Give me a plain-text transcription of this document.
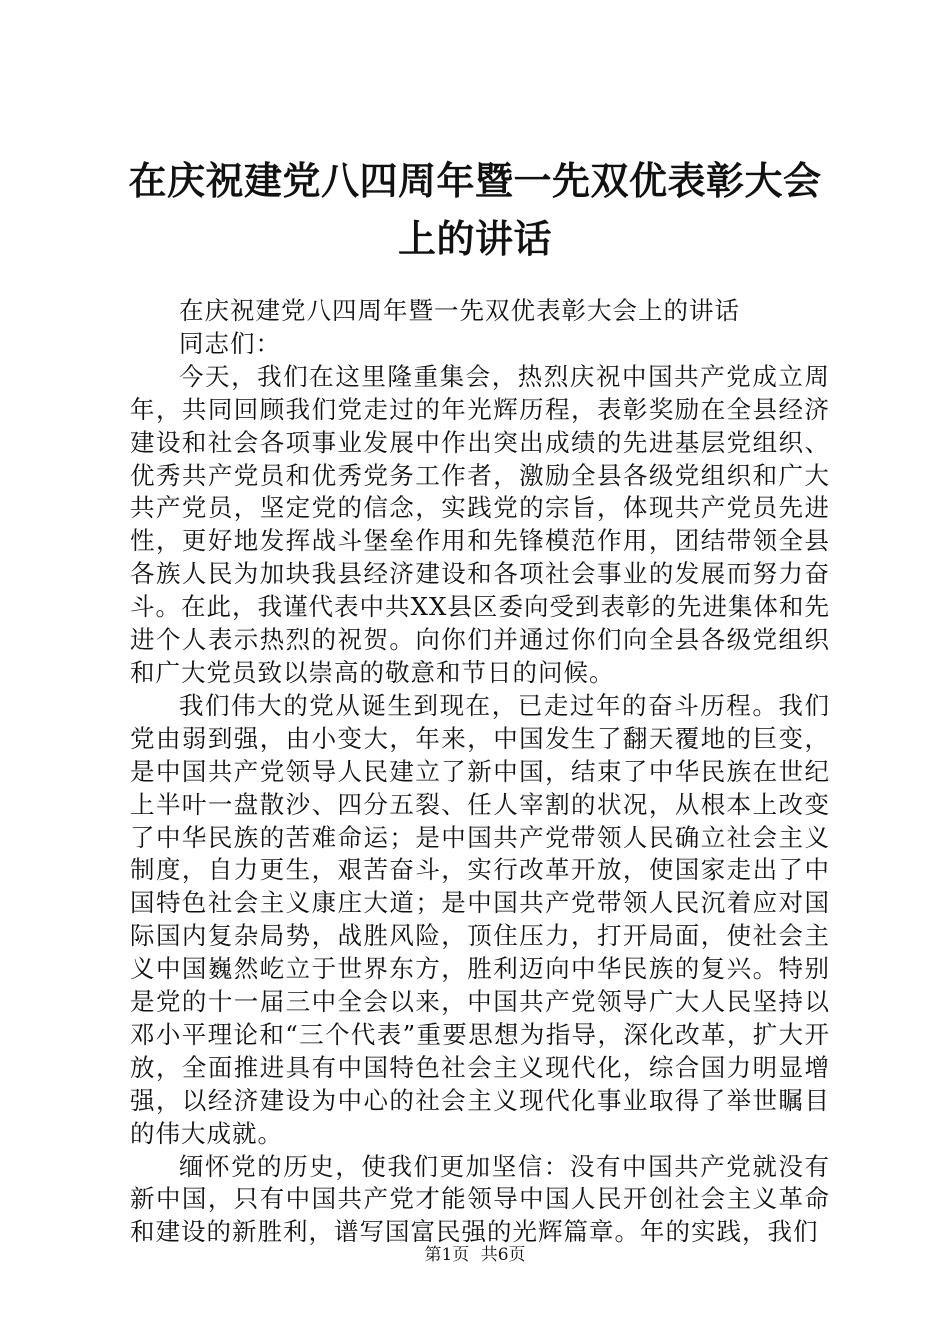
在庆祝建党八四周年暨一先双优表彰大会上的讲话

在庆祝建党八四周年暨一先双优表彰大会上的讲话

同志们：

今天，我们在这里隆重集会，热烈庆祝中国共产党成立周年，共同回顾我们党走过的年光辉历程，表彰奖励在全县经济建设和社会各项事业发展中作出突出成绩的先进基层党组织、优秀共产党员和优秀党务工作者，激励全县各级党组织和广大共产党员，坚定党的信念，实践党的宗旨，体现共产党员先进性，更好地发挥战斗堡垒作用和先锋模范作用，团结带领全县各族人民为加块我县经济建设和各项社会事业的发展而努力奋斗。在此，我谨代表中共XX县区委向受到表彰的先进集体和先进个人表示热烈的祝贺。向你们并通过你们向全县各级党组织和广大党员致以崇高的敬意和节日的问候。

我们伟大的党从诞生到现在，已走过年的奋斗历程。我们党由弱到强，由小变大，年来，中国发生了翻天覆地的巨变，是中国共产党领导人民建立了新中国，结束了中华民族在世纪上半叶一盘散沙、四分五裂、任人宰割的状况，从根本上改变了中华民族的苦难命运；是中国共产党带领人民确立社会主义制度，自力更生，艰苦奋斗，实行改革开放，使国家走出了中国特色社会主义康庄大道；是中国共产党带领人民沉着应对国际国内复杂局势，战胜风险，顶住压力，打开局面，使社会主义中国巍然屹立于世界东方，胜利迈向中华民族的复兴。特别是党的十一届三中全会以来，中国共产党领导广大人民坚持以邓小平理论和“三个代表”重要思想为指导，深化改革，扩大开放，全面推进具有中国特色社会主义现代化，综合国力明显增强，以经济建设为中心的社会主义现代化事业取得了举世瞩目的伟大成就。

缅怀党的历史，使我们更加坚信：没有中国共产党就没有新中国，只有中国共产党才能领导中国人民开创社会主义革命和建设的新胜利，谱写国富民强的光辉篇章。年的实践，我们

第1页 共6页
